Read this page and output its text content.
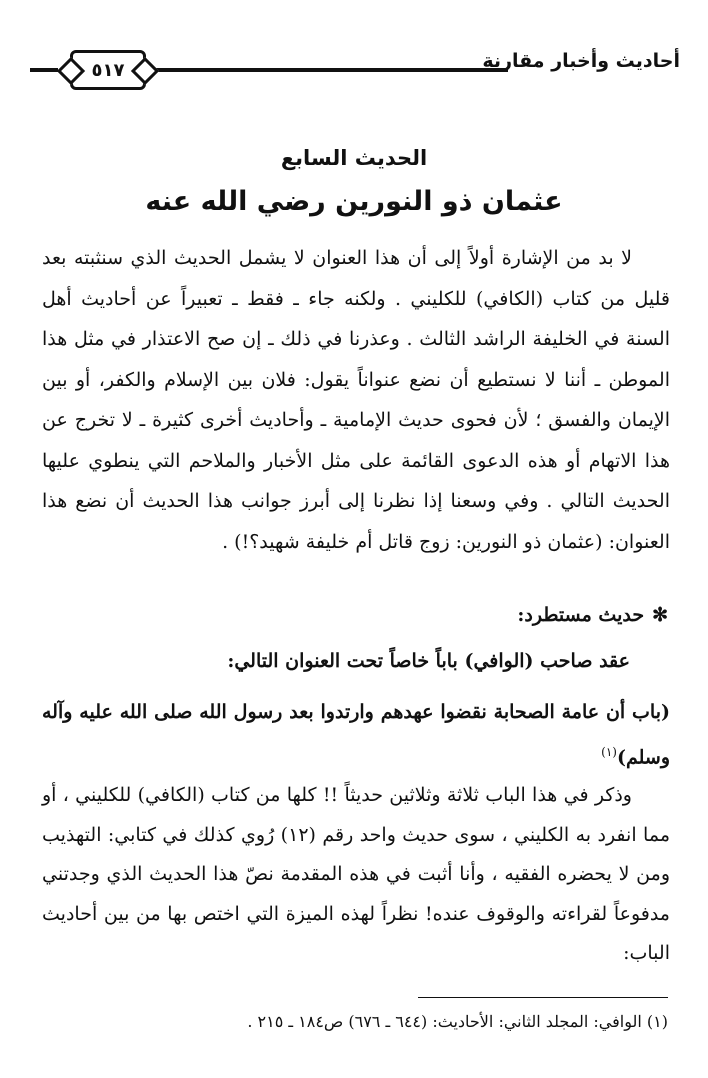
أحاديث وأخبار مقارنة
٥١٧
الحديث السابع
عثمان ذو النورين رضي الله عنه

لا بد من الإشارة أولاً إلى أن هذا العنوان لا يشمل الحديث الذي سنثبته بعد قليل من كتاب (الكافي) للكليني . ولكنه جاء ـ فقط ـ تعبيراً عن أحاديث أهل السنة في الخليفة الراشد الثالث . وعذرنا في ذلك ـ إن صح الاعتذار في مثل هذا الموطن ـ أننا لا نستطيع أن نضع عنواناً يقول: فلان بين الإسلام والكفر، أو بين الإيمان والفسق ؛ لأن فحوى حديث الإمامية ـ وأحاديث أخرى كثيرة ـ لا تخرج عن هذا الاتهام أو هذه الدعوى القائمة على مثل الأخبار والملاحم التي ينطوي عليها الحديث التالي . وفي وسعنا إذا نظرنا إلى أبرز جوانب هذا الحديث أن نضع هذا العنوان: (عثمان ذو النورين: زوج قاتل أم خليفة شهيد؟!) .

✻حديث مستطرد:
عقد صاحب (الوافي) باباً خاصاً تحت العنوان التالي:
(باب أن عامة الصحابة نقضوا عهدهم وارتدوا بعد رسول الله صلى الله عليه وآله وسلم)$^{(١)}$
وذكر في هذا الباب ثلاثة وثلاثين حديثاً !! كلها من كتاب (الكافي) للكليني ، أو مما انفرد به الكليني ، سوى حديث واحد رقم (١٢) رُوي كذلك في كتابي: التهذيب ومن لا يحضره الفقيه ، وأنا أثبت في هذه المقدمة نصّ هذا الحديث الذي وجدتني مدفوعاً لقراءته والوقوف عنده! نظراً لهذه الميزة التي اختص بها من بين أحاديث الباب:
(١) الوافي: المجلد الثاني: الأحاديث: (٦٤٤ ـ ٦٧٦) ص١٨٤ ـ ٢١٥ .
